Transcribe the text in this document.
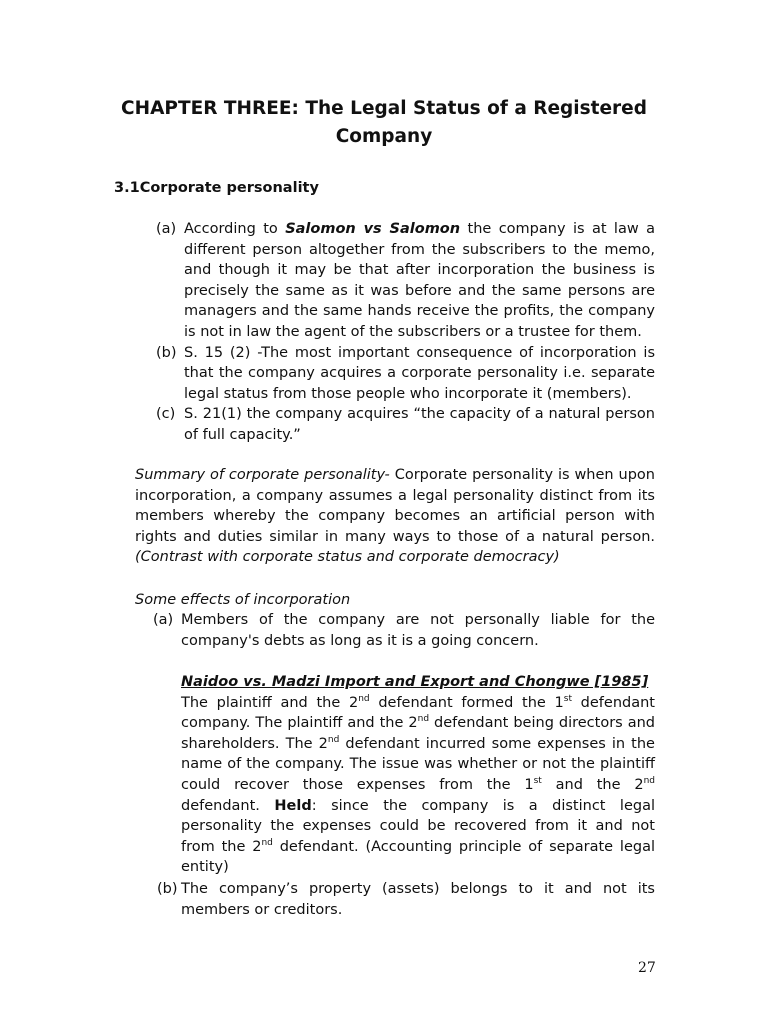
CHAPTER THREE: The Legal Status of a Registered Company
3.1Corporate personality
(a) According to Salomon vs Salomon the company is at law a different person altogether from the subscribers to the memo, and though it may be that after incorporation the business is precisely the same as it was before and the same persons are managers and the same hands receive the profits, the company is not in law the agent of the subscribers or a trustee for them.
(b) S. 15 (2) -The most important consequence of incorporation is that the company acquires a corporate personality i.e. separate legal status from those people who incorporate it (members).
(c) S. 21(1) the company acquires “the capacity of a natural person of full capacity.”

Summary of corporate personality- Corporate personality is when upon incorporation, a company assumes a legal personality distinct from its members whereby the company becomes an artificial person with rights and duties similar in many ways to those of a natural person. (Contrast with corporate status and corporate democracy)

Some effects of incorporation

(a) Members of the company are not personally liable for the company's debts as long as it is a going concern.

Naidoo vs. Madzi Import and Export and Chongwe [1985]

The plaintiff and the 2nd defendant formed the 1st defendant company. The plaintiff and the 2nd defendant being directors and shareholders. The 2nd defendant incurred some expenses in the name of the company. The issue was whether or not the plaintiff could recover those expenses from the 1st and the 2nd defendant. Held: since the company is a distinct legal personality the expenses could be recovered from it and not from the 2nd defendant. (Accounting principle of separate legal entity)

(b) The company’s property (assets) belongs to it and not its members or creditors.
27
